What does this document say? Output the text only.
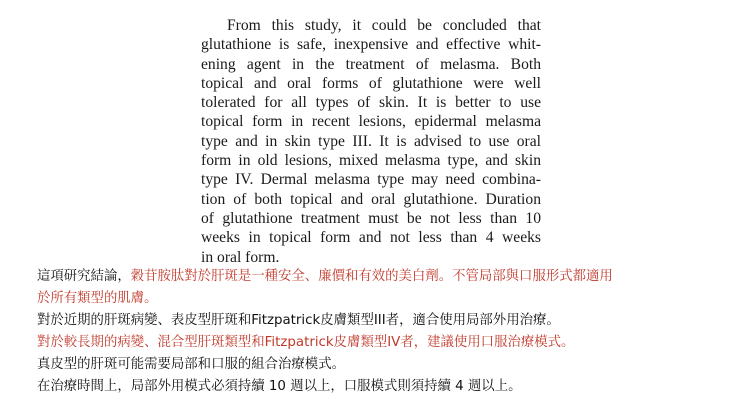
From this study, it could be concluded that
glutathione is safe, inexpensive and effective whit-
ening agent in the treatment of melasma. Both
topical and oral forms of glutathione were well
tolerated for all types of skin. It is better to use
topical form in recent lesions, epidermal melasma
type and in skin type III. It is advised to use oral
form in old lesions, mixed melasma type, and skin
type IV. Dermal melasma type may need combina-
tion of both topical and oral glutathione. Duration
of glutathione treatment must be not less than 10
weeks in topical form and not less than 4 weeks
in oral form.
這項研究結論，穀苷胺肽對於肝斑是一種安全、廉價和有效的美白劑。不管局部與口服形式都適用
於所有類型的肌膚。
對於近期的肝斑病變、表皮型肝斑和Fitzpatrick皮膚類型III者，適合使用局部外用治療。
對於較長期的病變、混合型肝斑類型和Fitzpatrick皮膚類型IV者，建議使用口服治療模式。
真皮型的肝斑可能需要局部和口服的組合治療模式。
在治療時間上，局部外用模式必須持續 10 週以上，口服模式則須持續 4 週以上。
